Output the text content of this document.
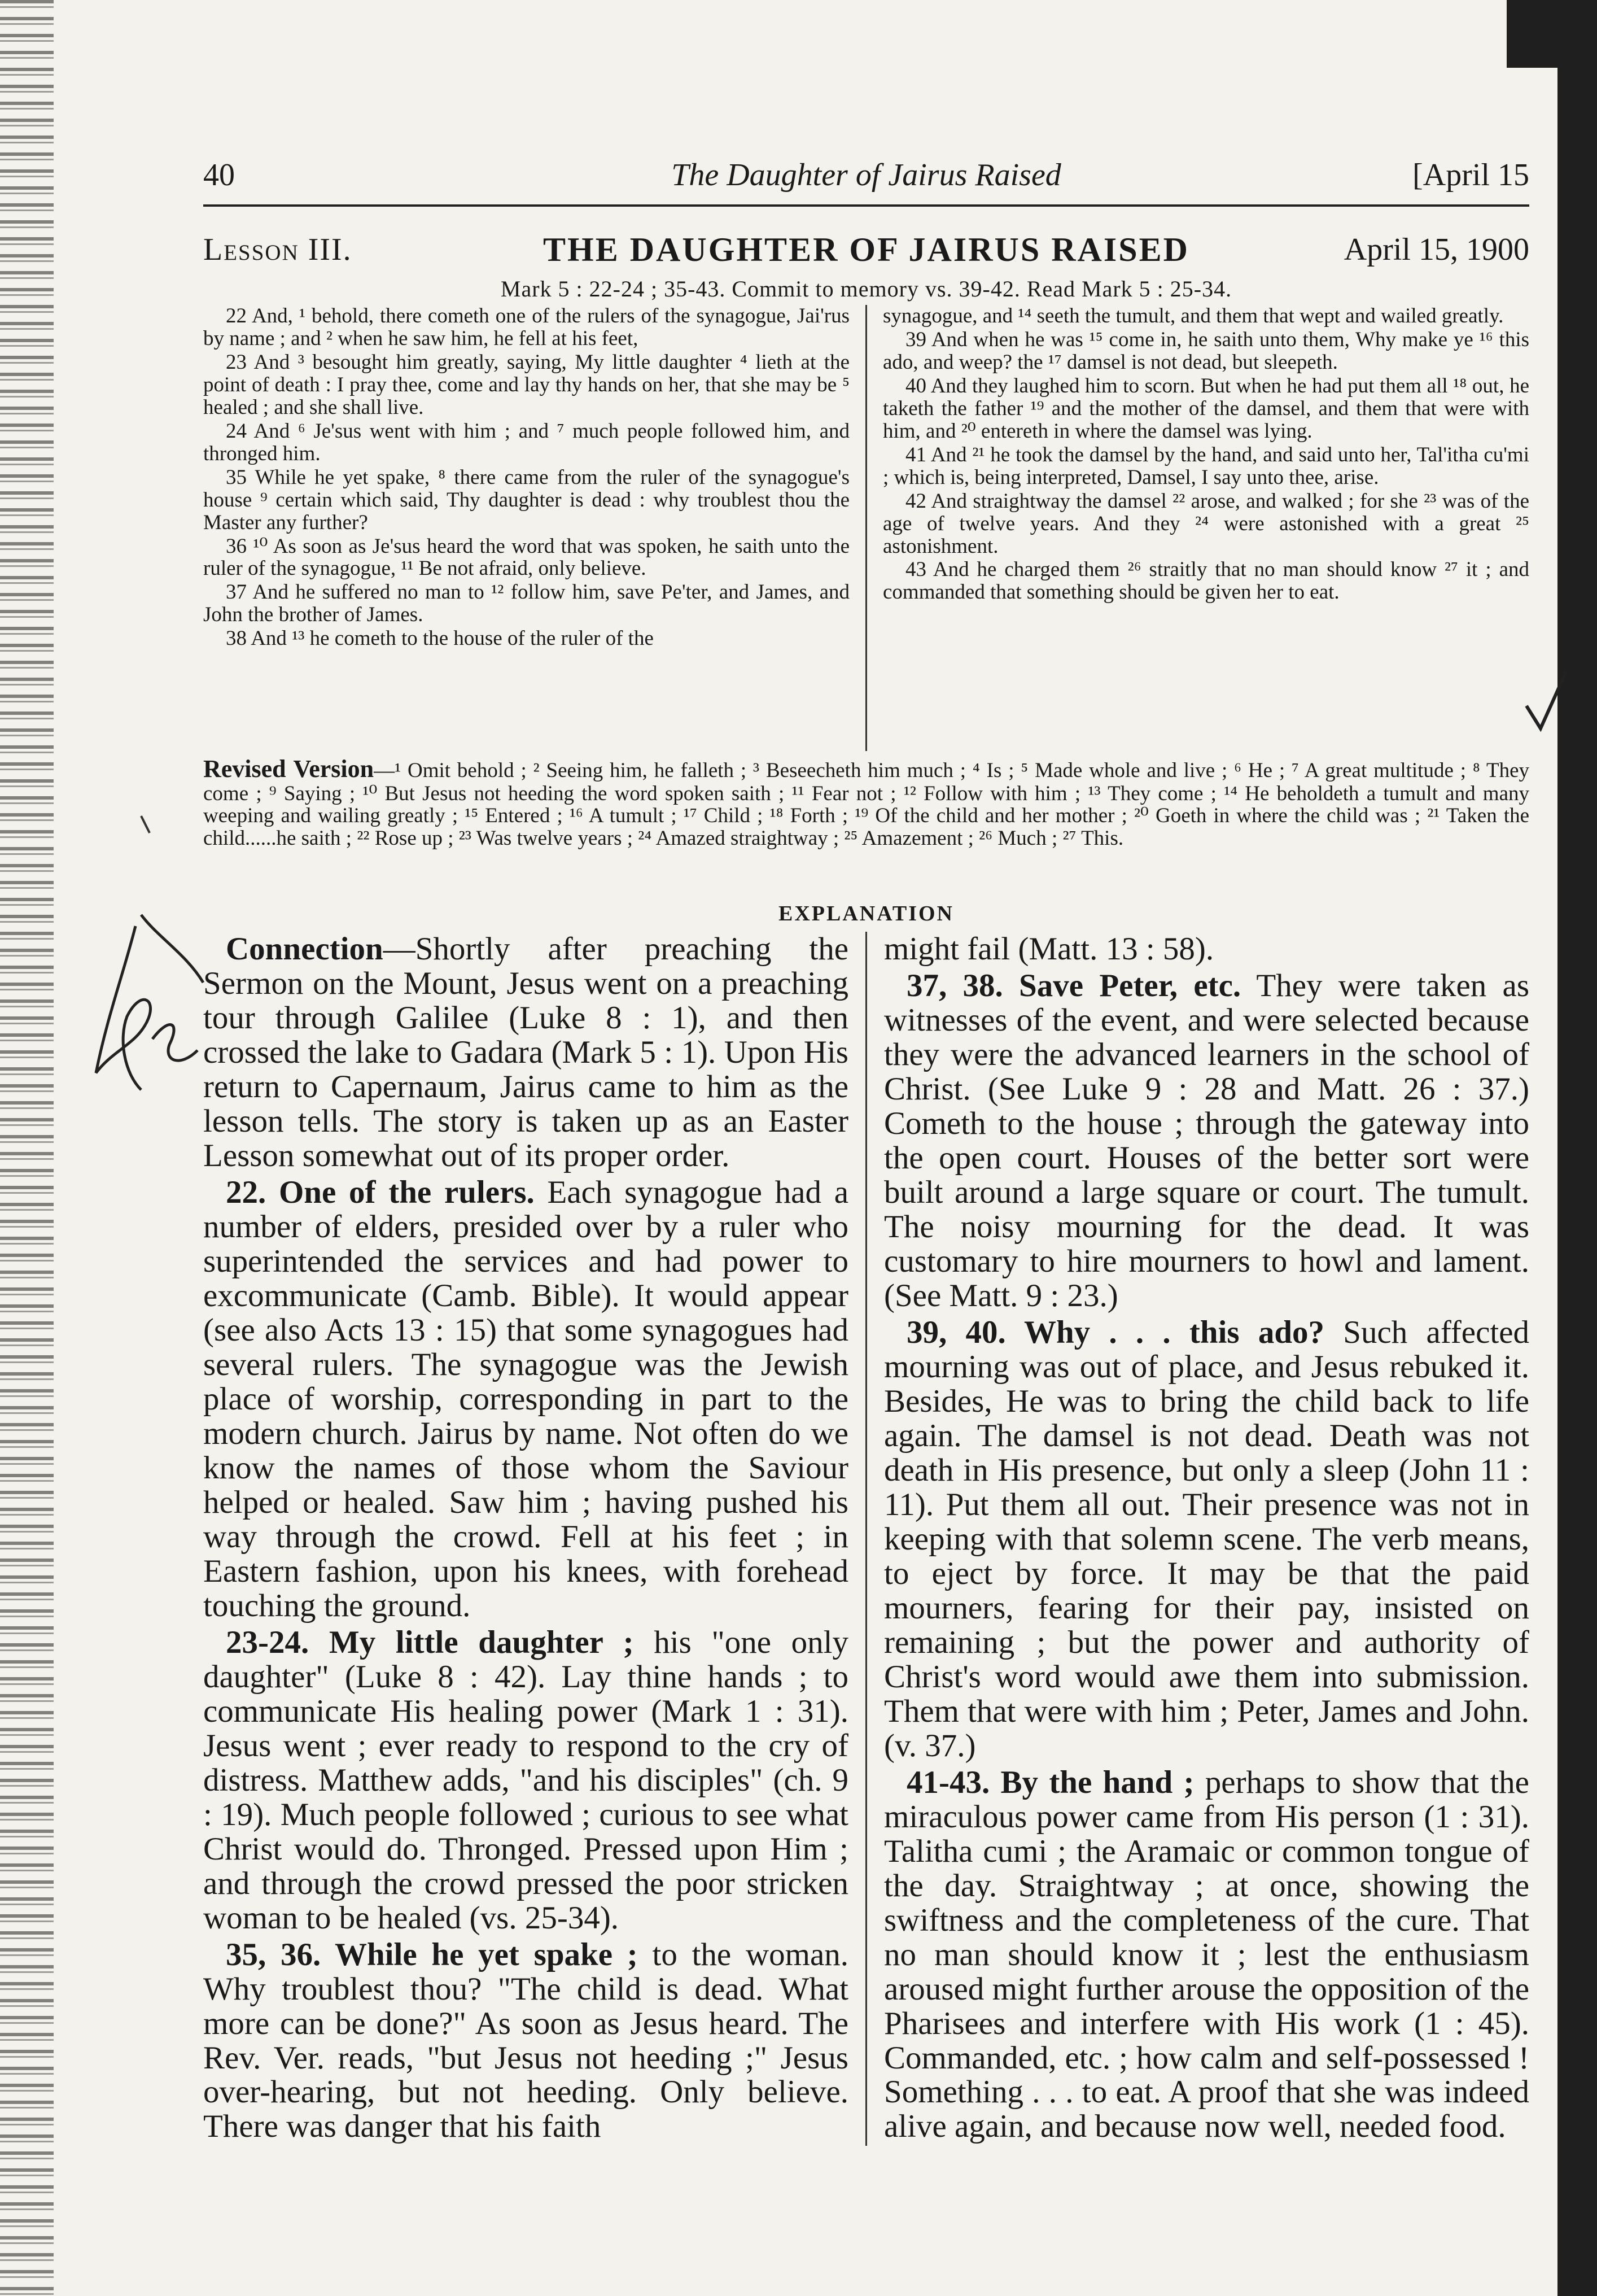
40	The Daughter of Jairus Raised	[April 15
Lesson III.	THE DAUGHTER OF JAIRUS RAISED	April 15, 1900
Mark 5 : 22-24 ; 35-43. Commit to memory vs. 39-42. Read Mark 5 : 25-34.

22 And, ¹ behold, there cometh one of the rulers of the synagogue, Jai'rus by name ; and ² when he saw him, he fell at his feet,

23 And ³ besought him greatly, saying, My little daughter ⁴ lieth at the point of death : I pray thee, come and lay thy hands on her, that she may be ⁵ healed ; and she shall live.

24 And ⁶ Je'sus went with him ; and ⁷ much people followed him, and thronged him.

35 While he yet spake, ⁸ there came from the ruler of the synagogue's house ⁹ certain which said, Thy daughter is dead : why troublest thou the Master any further?

36 ¹⁰ As soon as Je'sus heard the word that was spoken, he saith unto the ruler of the synagogue, ¹¹ Be not afraid, only believe.

37 And he suffered no man to ¹² follow him, save Pe'ter, and James, and John the brother of James.

38 And ¹³ he cometh to the house of the ruler of the

synagogue, and ¹⁴ seeth the tumult, and them that wept and wailed greatly.

39 And when he was ¹⁵ come in, he saith unto them, Why make ye ¹⁶ this ado, and weep? the ¹⁷ damsel is not dead, but sleepeth.

40 And they laughed him to scorn. But when he had put them all ¹⁸ out, he taketh the father ¹⁹ and the mother of the damsel, and them that were with him, and ²⁰ entereth in where the damsel was lying.

41 And ²¹ he took the damsel by the hand, and said unto her, Tal'itha cu'mi ; which is, being interpreted, Damsel, I say unto thee, arise.

42 And straightway the damsel ²² arose, and walked ; for she ²³ was of the age of twelve years. And they ²⁴ were astonished with a great ²⁵ astonishment.

43 And he charged them ²⁶ straitly that no man should know ²⁷ it ; and commanded that something should be given her to eat.

Revised Version—¹ Omit behold ; ² Seeing him, he falleth ; ³ Beseecheth him much ; ⁴ Is ; ⁵ Made whole and live ; ⁶ He ; ⁷ A great multitude ; ⁸ They come ; ⁹ Saying ; ¹⁰ But Jesus not heeding the word spoken saith ; ¹¹ Fear not ; ¹² Follow with him ; ¹³ They come ; ¹⁴ He beholdeth a tumult and many weeping and wailing greatly ; ¹⁵ Entered ; ¹⁶ A tumult ; ¹⁷ Child ; ¹⁸ Forth ; ¹⁹ Of the child and her mother ; ²⁰ Goeth in where the child was ; ²¹ Taken the child......he saith ; ²² Rose up ; ²³ Was twelve years ; ²⁴ Amazed straightway ; ²⁵ Amazement ; ²⁶ Much ; ²⁷ This.
EXPLANATION

Connection—Shortly after preaching the Sermon on the Mount, Jesus went on a preaching tour through Galilee (Luke 8 : 1), and then crossed the lake to Gadara (Mark 5 : 1). Upon His return to Capernaum, Jairus came to him as the lesson tells. The story is taken up as an Easter Lesson somewhat out of its proper order.

22. One of the rulers. Each synagogue had a number of elders, presided over by a ruler who superintended the services and had power to excommunicate (Camb. Bible). It would appear (see also Acts 13 : 15) that some synagogues had several rulers. The synagogue was the Jewish place of worship, corresponding in part to the modern church. Jairus by name. Not often do we know the names of those whom the Saviour helped or healed. Saw him ; having pushed his way through the crowd. Fell at his feet ; in Eastern fashion, upon his knees, with forehead touching the ground.

23-24. My little daughter ; his "one only daughter" (Luke 8 : 42). Lay thine hands ; to communicate His healing power (Mark 1 : 31). Jesus went ; ever ready to respond to the cry of distress. Matthew adds, "and his disciples" (ch. 9 : 19). Much people followed ; curious to see what Christ would do. Thronged. Pressed upon Him ; and through the crowd pressed the poor stricken woman to be healed (vs. 25-34).

35, 36. While he yet spake ; to the woman. Why troublest thou? "The child is dead. What more can be done?" As soon as Jesus heard. The Rev. Ver. reads, "but Jesus not heeding ;" Jesus over-hearing, but not heeding. Only believe. There was danger that his faith

might fail (Matt. 13 : 58).

37, 38. Save Peter, etc. They were taken as witnesses of the event, and were selected because they were the advanced learners in the school of Christ. (See Luke 9 : 28 and Matt. 26 : 37.) Cometh to the house ; through the gateway into the open court. Houses of the better sort were built around a large square or court. The tumult. The noisy mourning for the dead. It was customary to hire mourners to howl and lament. (See Matt. 9 : 23.)

39, 40. Why . . . this ado? Such affected mourning was out of place, and Jesus rebuked it. Besides, He was to bring the child back to life again. The damsel is not dead. Death was not death in His presence, but only a sleep (John 11 : 11). Put them all out. Their presence was not in keeping with that solemn scene. The verb means, to eject by force. It may be that the paid mourners, fearing for their pay, insisted on remaining ; but the power and authority of Christ's word would awe them into submission. Them that were with him ; Peter, James and John. (v. 37.)

41-43. By the hand ; perhaps to show that the miraculous power came from His person (1 : 31). Talitha cumi ; the Aramaic or common tongue of the day. Straightway ; at once, showing the swiftness and the completeness of the cure. That no man should know it ; lest the enthusiasm aroused might further arouse the opposition of the Pharisees and interfere with His work (1 : 45). Commanded, etc. ; how calm and self-possessed ! Something . . . to eat. A proof that she was indeed alive again, and because now well, needed food.
